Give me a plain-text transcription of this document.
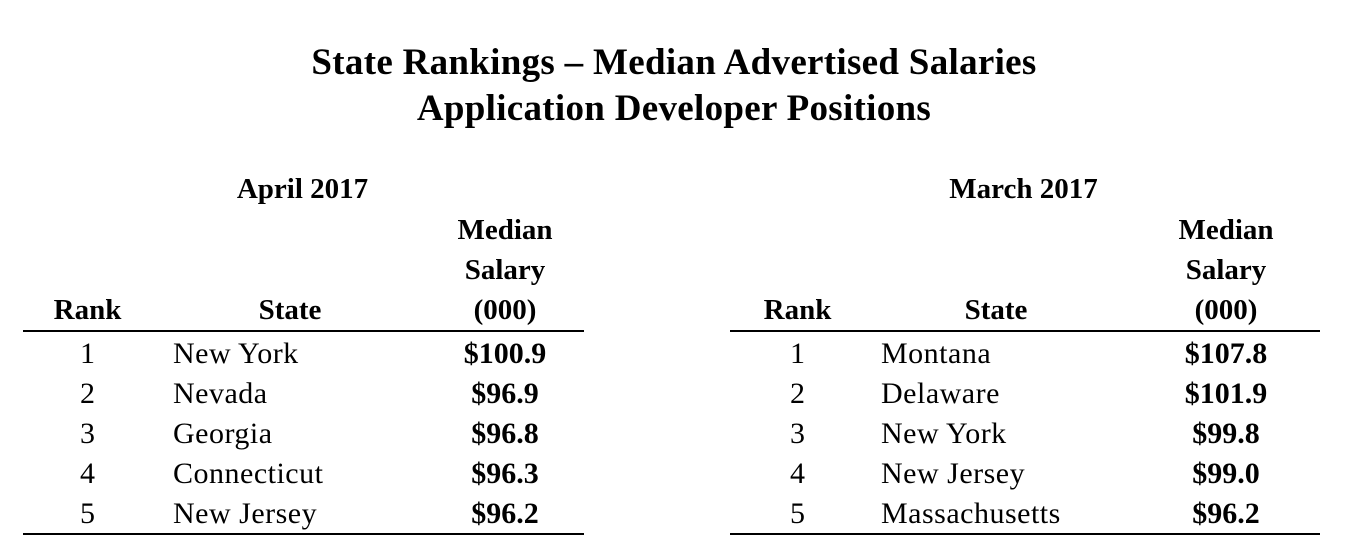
State Rankings – Median Advertised Salaries
Application Developer Positions
April 2017
Rank	State
Median
Salary
(000)
1	New York	$100.9
2	Nevada	$96.9
3	Georgia	$96.8
4	Connecticut	$96.3
5	New Jersey	$96.2
March 2017
Rank	State
Median
Salary
(000)
1	Montana	$107.8
2	Delaware	$101.9
3	New York	$99.8
4	New Jersey	$99.0
5	Massachusetts	$96.2
